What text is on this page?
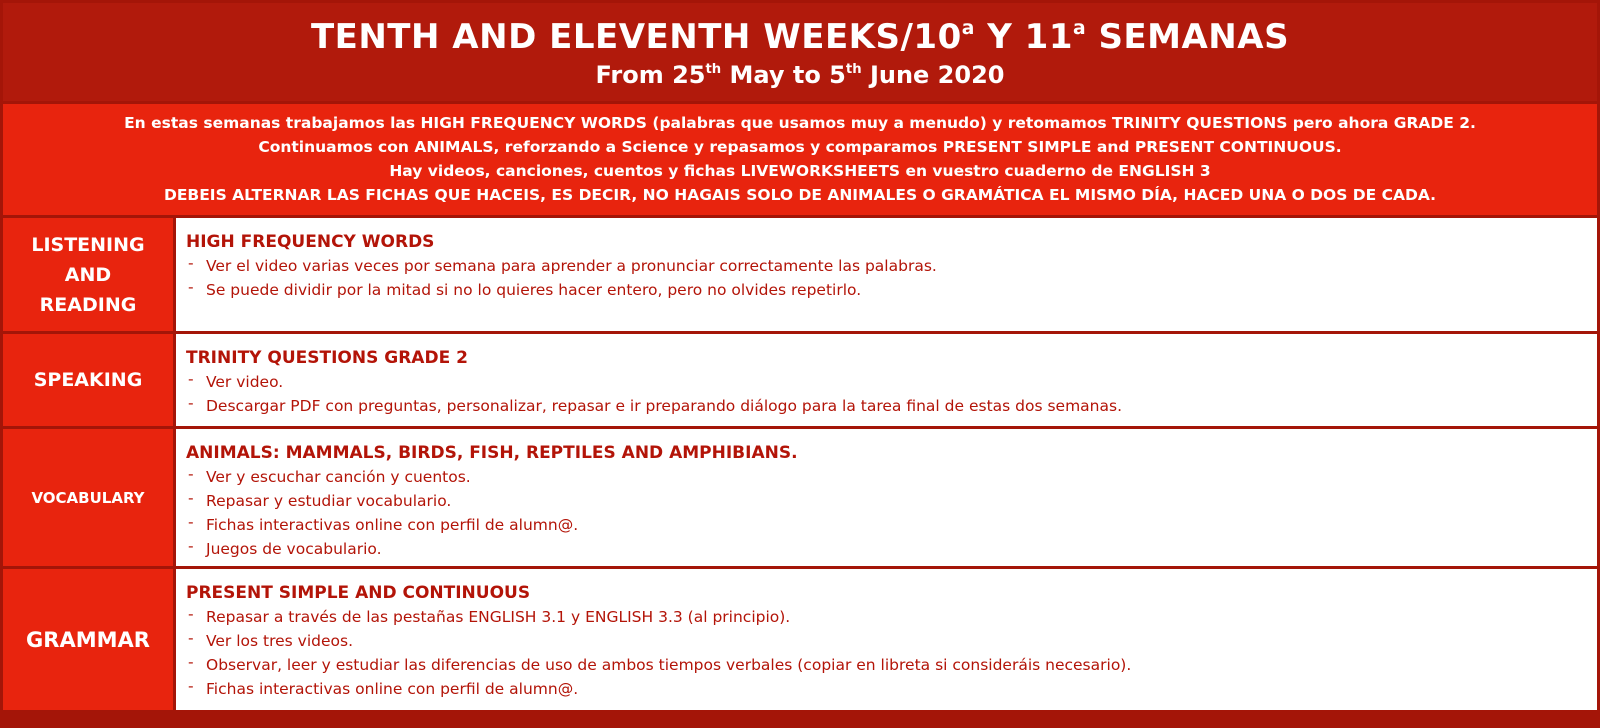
TENTH AND ELEVENTH WEEKS/10$^a$ Y 11$^a$ SEMANAS
From 25th May to 5th June 2020
En estas semanas trabajamos las HIGH FREQUENCY WORDS (palabras que usamos muy a menudo) y retomamos TRINITY QUESTIONS pero ahora GRADE 2.
Continuamos con ANIMALS, reforzando a Science y repasamos y comparamos PRESENT SIMPLE and PRESENT CONTINUOUS.
Hay videos, canciones, cuentos y fichas LIVEWORKSHEETS en vuestro cuaderno de ENGLISH 3
DEBEIS ALTERNAR LAS FICHAS QUE HACEIS, ES DECIR, NO HAGAIS SOLO DE ANIMALES O GRAMÁTICA EL MISMO DÍA, HACED UNA O DOS DE CADA.
LISTENING
AND
READING
HIGH FREQUENCY WORDS
- Ver el video varias veces por semana para aprender a pronunciar correctamente las palabras.
- Se puede dividir por la mitad si no lo quieres hacer entero, pero no olvides repetirlo.
SPEAKING
TRINITY QUESTIONS GRADE 2
- Ver video.
- Descargar PDF con preguntas, personalizar, repasar e ir preparando diálogo para la tarea final de estas dos semanas.
VOCABULARY
ANIMALS: MAMMALS, BIRDS, FISH, REPTILES AND AMPHIBIANS.
- Ver y escuchar canción y cuentos.
- Repasar y estudiar vocabulario.
- Fichas interactivas online con perfil de alumn@.
- Juegos de vocabulario.
GRAMMAR
PRESENT SIMPLE AND CONTINUOUS
- Repasar a través de las pestañas ENGLISH 3.1 y ENGLISH 3.3 (al principio).
- Ver los tres videos.
- Observar, leer y estudiar las diferencias de uso de ambos tiempos verbales (copiar en libreta si consideráis necesario).
- Fichas interactivas online con perfil de alumn@.
